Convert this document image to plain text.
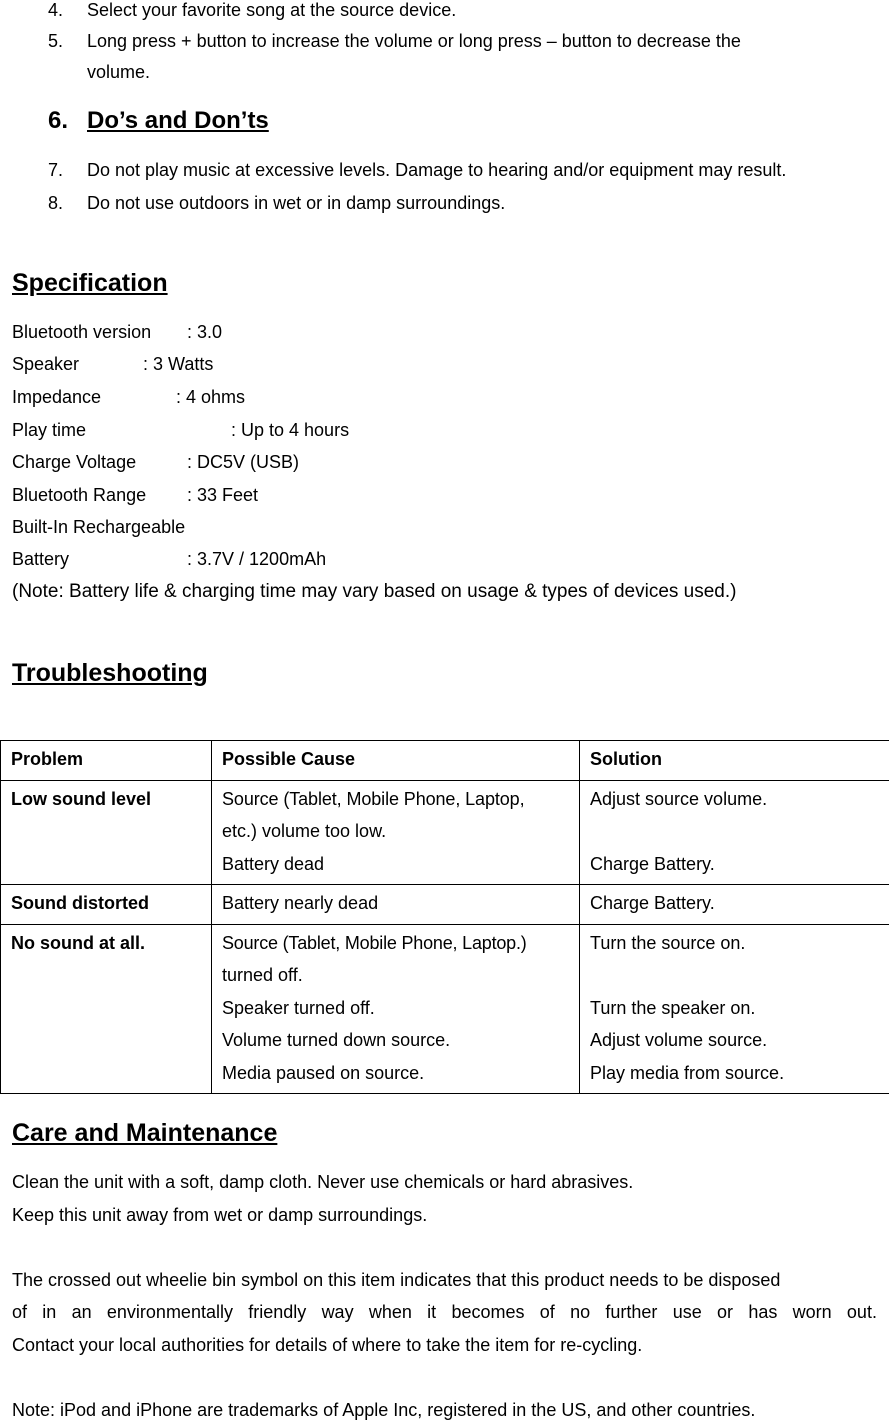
4. Select your favorite song at the source device.
5. Long press + button to increase the volume or long press – button to decrease the
volume.
6. Do’s and Don’ts
7. Do not play music at excessive levels. Damage to hearing and/or equipment may result.
8. Do not use outdoors in wet or in damp surroundings.
Specification
Bluetooth version : 3.0
Speaker	: 3 Watts
Impedance	: 4 ohms
Play time	: Up to 4 hours
Charge Voltage	: DC5V (USB)
Bluetooth Range : 33 Feet
Built-In Rechargeable
Battery	: 3.7V / 1200mAh
(Note: Battery life & charging time may vary based on usage & types of devices used.)
Troubleshooting
Problem	Possible Cause	Solution
Low sound level	Source (Tablet, Mobile Phone, Laptop,
etc.) volume too low.
Battery dead	Adjust source volume.
Charge Battery.

Sound distorted	Battery nearly dead	Charge Battery.

No sound at all.	Source (Tablet, Mobile Phone, Laptop.)
turned off.
Speaker turned off.
Volume turned down source.
Media paused on source.	Turn the source on.
Turn the speaker on.
Adjust volume source.
Play media from source.
Care and Maintenance
Clean the unit with a soft, damp cloth. Never use chemicals or hard abrasives.
Keep this unit away from wet or damp surroundings.
The crossed out wheelie bin symbol on this item indicates that this product needs to be disposed
of in an environmentally friendly way when it becomes of no further use or has worn out.
Contact your local authorities for details of where to take the item for re-cycling.
Note: iPod and iPhone are trademarks of Apple Inc, registered in the US, and other countries.
